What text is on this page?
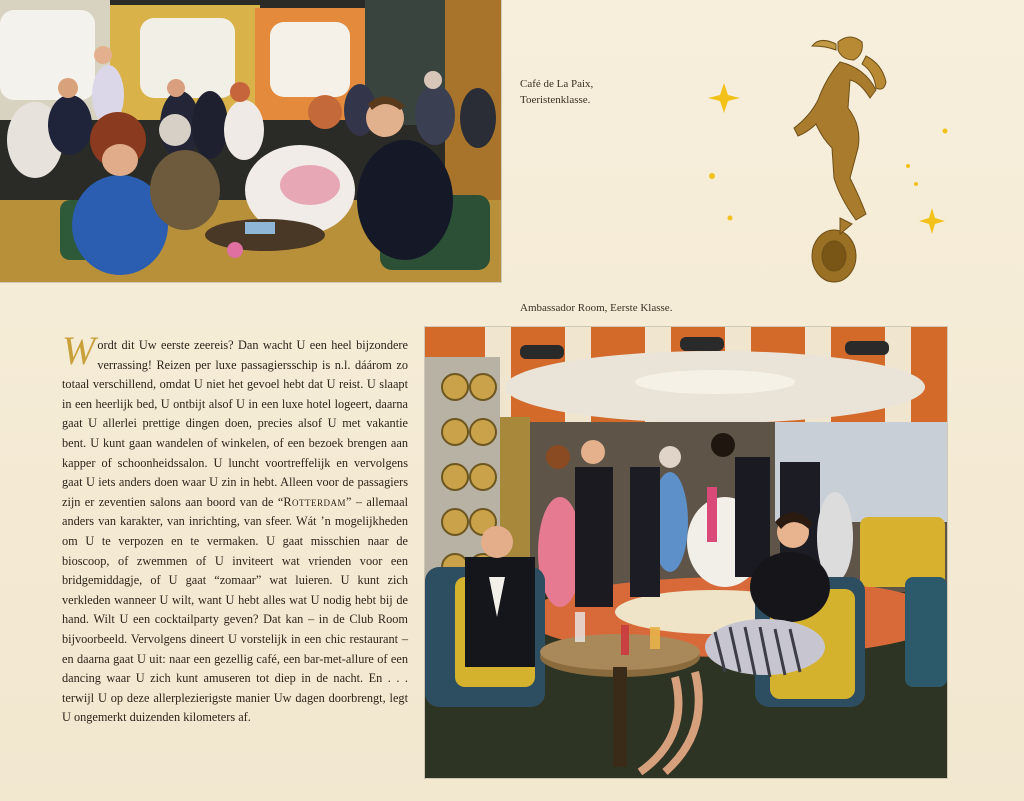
Café de La Paix,
Toeristenklasse.
Ambassador Room, Eerste Klasse.
Wordt dit Uw eerste zeereis? Dan wacht U een heel bijzondere verrassing! Reizen per luxe passagiersschip is n.l. dáárom zo totaal verschillend, omdat U niet het gevoel hebt dat U reist. U slaapt in een heerlijk bed, U ontbijt alsof U in een luxe hotel logeert, daarna gaat U allerlei prettige dingen doen, precies alsof U met vakantie bent. U kunt gaan wandelen of winkelen, of een bezoek brengen aan kapper of schoonheidssalon. U luncht voortreffelijk en vervolgens gaat U iets anders doen waar U zin in hebt. Alleen voor de passagiers zijn er zeventien salons aan boord van de “Rotterdam” – allemaal anders van karakter, van inrichting, van sfeer. Wát ’n mogelijkheden om U te verpozen en te vermaken. U gaat misschien naar de bioscoop, of zwemmen of U inviteert wat vrienden voor een bridgemiddagje, of U gaat “zomaar” wat luieren. U kunt zich verkleden wanneer U wilt, want U hebt alles wat U nodig hebt bij de hand. Wilt U een cocktailparty geven? Dat kan – in de Club Room bijvoorbeeld. Vervolgens dineert U vorstelijk in een chic restaurant – en daarna gaat U uit: naar een gezellig café, een bar-met-allure of een dancing waar U zich kunt amuseren tot diep in de nacht. En . . . terwijl U op deze allerplezierigste manier Uw dagen doorbrengt, legt U ongemerkt duizenden kilometers af.
